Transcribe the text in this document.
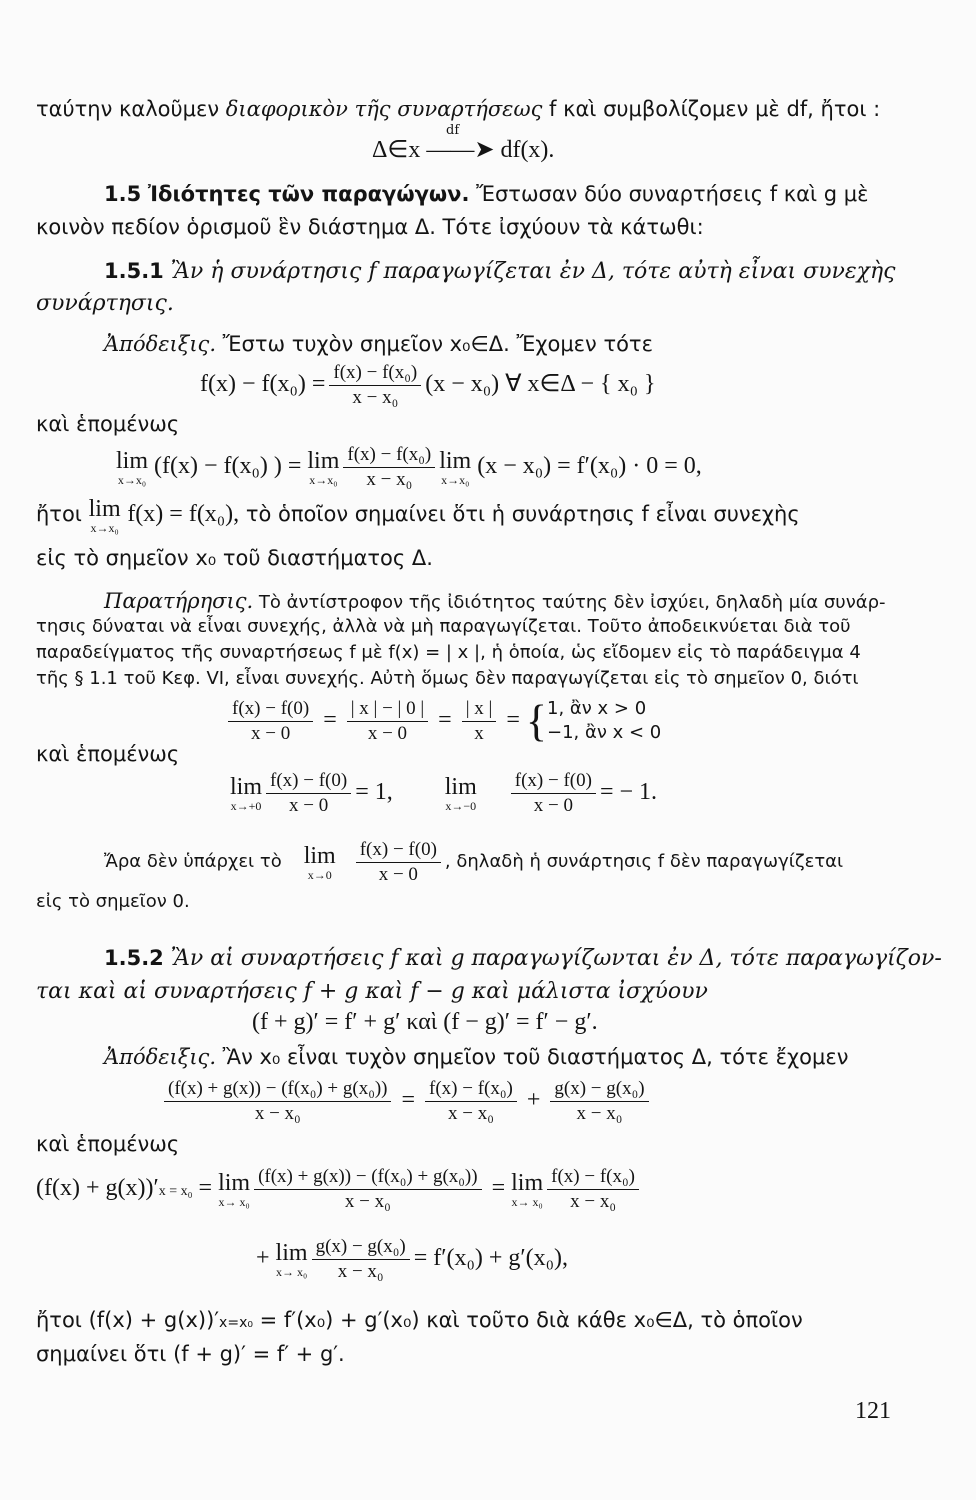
ταύτην καλοῦμεν διαφορικὸν τῆς συναρτήσεως f καὶ συμβολίζομεν μὲ df, ἤτοι :
df
Δ∈x ——➤ df(x).
1.5 Ἰδιότητες τῶν παραγώγων. Ἔστωσαν δύο συναρτήσεις f καὶ g μὲ
κοινὸν πεδίον ὁρισμοῦ ἓν διάστημα Δ. Τότε ἰσχύουν τὰ κάτωθι:
1.5.1 Ἂν ἡ συνάρτησις f παραγωγίζεται ἐν Δ, τότε αὐτὴ εἶναι συνεχὴς
συνάρτησις.
Ἀπόδειξις. Ἔστω τυχὸν σημεῖον x₀∈Δ. Ἔχομεν τότε
$f(x) - f(x_0) = \frac{\text{f(x) − f(x₀)}}{\text{x − x₀}} (x - x_0)$ ∀ x∈Δ − { x₀ }
καὶ ἑπομένως
lim
x→x₀
(f(x) − f(x₀) ) = lim
$x\to x_0 \frac{\text{f(x) − f(x₀)}}{\text{x − x₀}}$ lim
x→x₀
(x − x₀) = f′(x₀) · 0 = 0,
ἤτοι lim
x→x₀
f(x) = f(x₀), τὸ ὁποῖον σημαίνει ὅτι ἡ συνάρτησις f εἶναι συνεχὴς
εἰς τὸ σημεῖον x₀ τοῦ διαστήματος Δ.
Παρατήρησις. Τὸ ἀντίστροφον τῆς ἰδιότητος ταύτης δὲν ἰσχύει, δηλαδὴ μία συνάρ-
τησις δύναται νὰ εἶναι συνεχής, ἀλλὰ νὰ μὴ παραγωγίζεται. Τοῦτο ἀποδεικνύεται διὰ τοῦ
παραδείγματος τῆς συναρτήσεως f μὲ f(x) = | x |, ἡ ὁποία, ὡς εἴδομεν εἰς τὸ παράδειγμα 4
τῆς § 1.1 τοῦ Κεφ. VI, εἶναι συνεχής. Αὐτὴ ὅμως δὲν παραγωγίζεται εἰς τὸ σημεῖον 0, διότι
$\frac{f(x) - f(0)}{x - 0} = \frac{| x | - | 0 |}{x - 0} = \frac{| x |}{x}$ = { 1, ἂν x > 0
−1, ἂν x < 0
καὶ ἑπομένως
lim
$x\to+0 \frac{f(x) - f(0)}{x - 0} = 1$, lim
$x\to-0 \frac{f(x) - f(0)}{x - 0}$ = − 1.
Ἄρα δὲν ὑπάρχει τὸ lim
$x\to 0 \frac{f(x) - f(0)}{x - 0}$ , δηλαδὴ ἡ συνάρτησις f δὲν παραγωγίζεται
εἰς τὸ σημεῖον 0.
1.5.2 Ἂν αἱ συναρτήσεις f καὶ g παραγωγίζωνται ἐν Δ, τότε παραγωγίζον-
ται καὶ αἱ συναρτήσεις f + g καὶ f − g καὶ μάλιστα ἰσχύουν
(f + g)′ = f′ + g′ καὶ (f − g)′ = f′ − g′.
Ἀπόδειξις. Ἂν x₀ εἶναι τυχὸν σημεῖον τοῦ διαστήματος Δ, τότε ἔχομεν
$\frac{\text{(f(x) + g(x)) − (f(x₀) + g(x₀))}}{\text{x − x₀}} = \frac{\text{f(x) − f(x₀)}}{\text{x − x₀}} + \frac{\text{g(x) − g(x₀)}}{\text{x − x₀}}$
καὶ ἑπομένως
(f(x) + g(x))′x = x₀ = lim
$x\to x_0 \frac{\text{(f(x) + g(x)) − (f(x₀) + g(x₀))}}{\text{x − x₀}} = \lim$
$x\to x_0 \frac{\text{f(x) − f(x₀)}}{\text{x − x₀}}$
+ lim
$x\to x_0 \frac{\text{g(x) − g(x₀)}}{\text{x − x₀}} = f'(x_0) + g'(x_0)$,
ἤτοι (f(x) + g(x))′x=x₀ = f′(x₀) + g′(x₀) καὶ τοῦτο διὰ κάθε x₀∈Δ, τὸ ὁποῖον
σημαίνει ὅτι (f + g)′ = f′ + g′.
121
